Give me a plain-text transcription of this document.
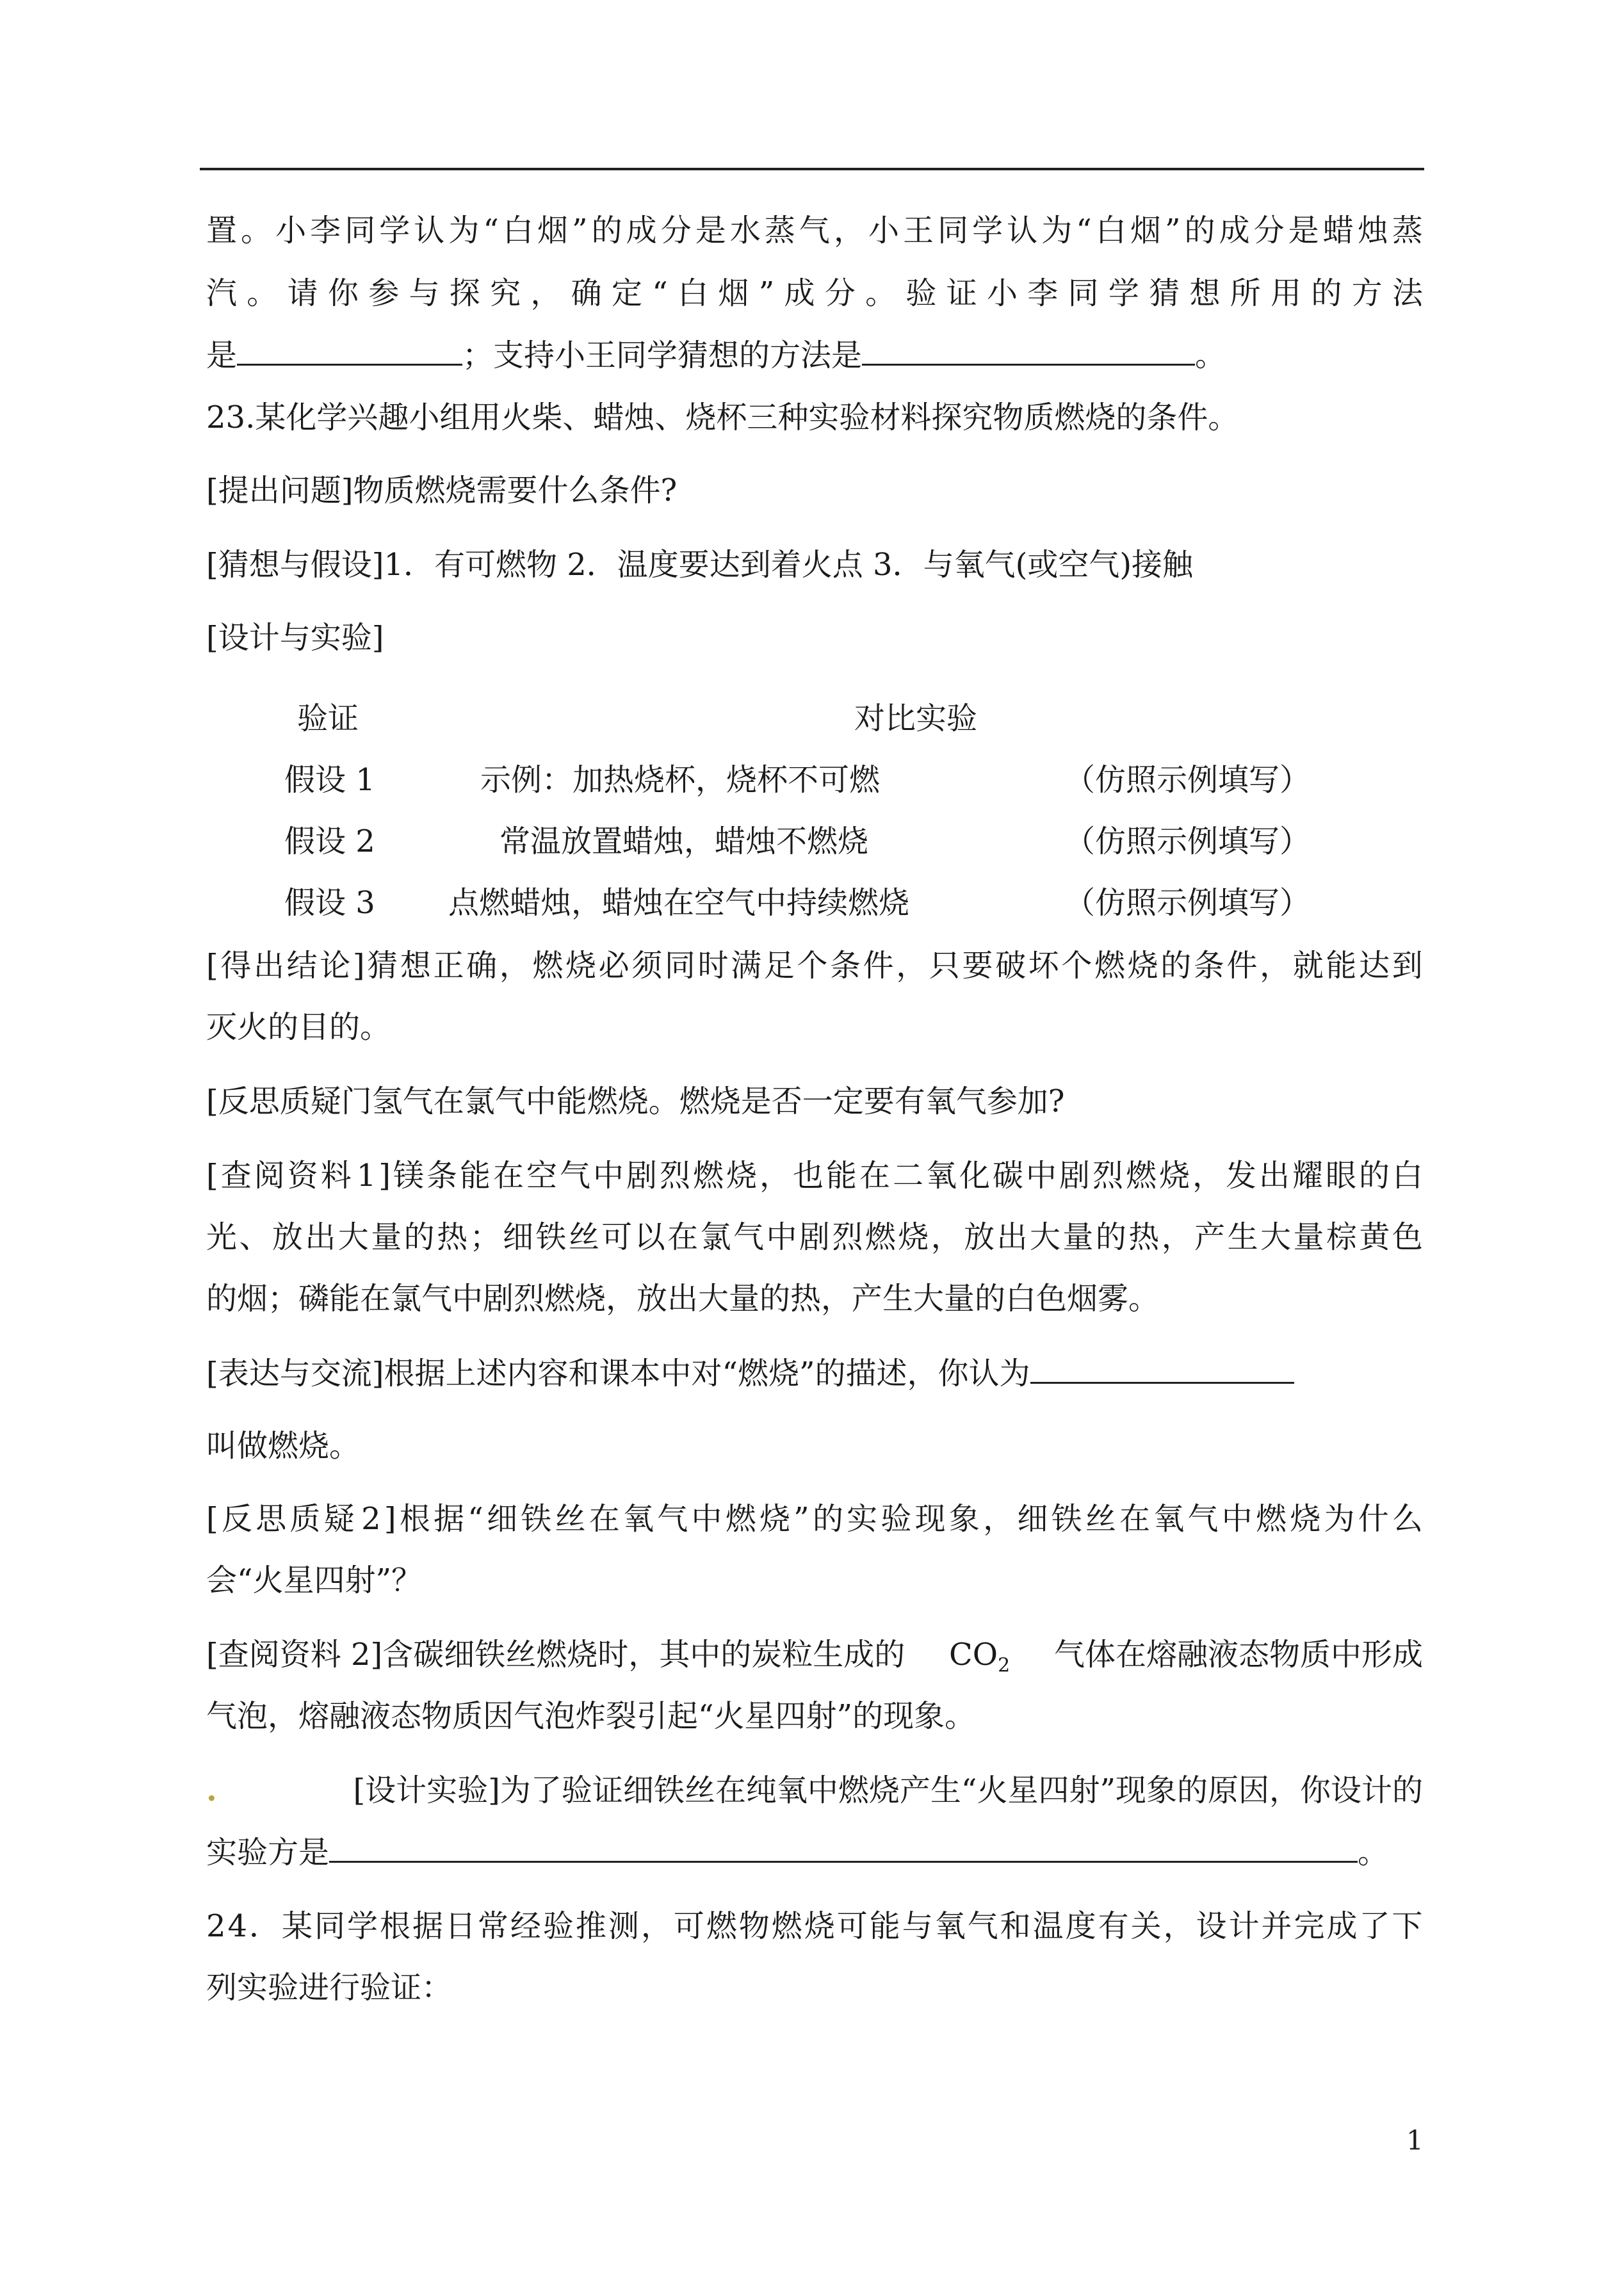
置 。 小 李 同 学 认 为 “ 白 烟 ” 的 成 分 是 水 蒸 气 ， 小 王 同 学 认 为 “ 白 烟 ” 的 成 分 是 蜡 烛 蒸
汽 。 请 你 参 与 探 究 ， 确 定 “ 白 烟 ” 成 分 。 验 证 小 李 同 学 猜 想 所 用 的 方 法
是	；支持小王同学猜想的方法是	。
23.某化学兴趣小组用火柴、蜡烛、烧杯三种实验材料探究物质燃烧的条件。
[提出问题]物质燃烧需要什么条件?
[猜想与假设]1．有可燃物 2．温度要达到着火点 3．与氧气(或空气)接触
[设计与实验]
验证	对比实验
假设 1	示例：加热烧杯，烧杯不可燃	（仿照示例填写）
假设 2	常温放置蜡烛，蜡烛不燃烧	（仿照示例填写）
假设 3 点燃蜡烛，蜡烛在空气中持续燃烧	（仿照示例填写）
[ 得 出 结 论 ] 猜 想 正 确 ， 燃 烧 必 须 同 时 满 足 个 条 件 ， 只 要 破 坏 个 燃 烧 的 条 件 ， 就 能 达 到
灭火的目的。
[反思质疑门氢气在氯气中能燃烧。燃烧是否一定要有氧气参加?
[ 查 阅 资 料 1 ] 镁 条 能 在 空 气 中 剧 烈 燃 烧 ， 也 能 在 二 氧 化 碳 中 剧 烈 燃 烧 ， 发 出 耀 眼 的 白
光 、 放 出 大 量 的 热 ； 细 铁 丝 可 以 在 氯 气 中 剧 烈 燃 烧 ， 放 出 大 量 的 热 ， 产 生 大 量 棕 黄 色
的烟；磷能在氯气中剧烈燃烧，放出大量的热，产生大量的白色烟雾。
[表达与交流]根据上述内容和课本中对“燃烧”的描述，你认为
叫做燃烧。
[ 反 思 质 疑 2 ] 根 据 “ 细 铁 丝 在 氧 气 中 燃 烧 ” 的 实 验 现 象 ， 细 铁 丝 在 氧 气 中 燃 烧 为 什 么
会“火星四射”？
[查阅资料 2]含碳细铁丝燃烧时，其中的炭粒生成的 $CO_2$ 气体在熔融液态物质中形成
气泡，熔融液态物质因气泡炸裂引起“火星四射”的现象。
.	[设计实验]为了验证细铁丝在纯氧中燃烧产生“火星四射”现象的原因，你设计的
实验方是	。
2 4 ． 某 同 学 根 据 日 常 经 验 推 测 ， 可 燃 物 燃 烧 可 能 与 氧 气 和 温 度 有 关 ， 设 计 并 完 成 了 下
列实验进行验证：
1
